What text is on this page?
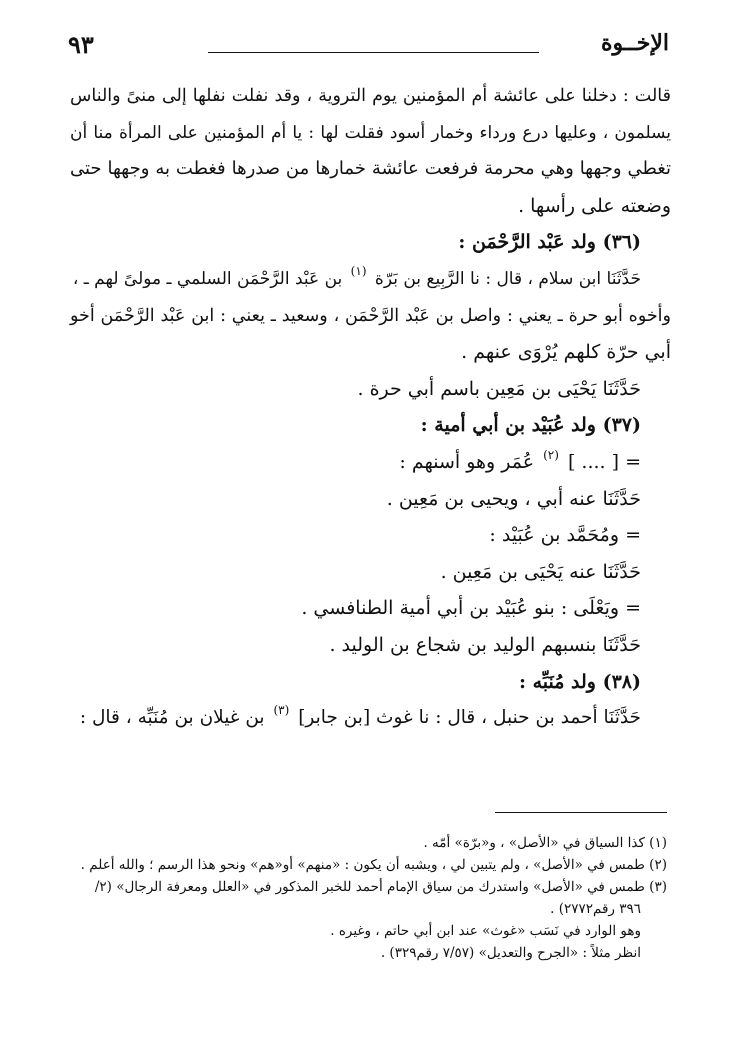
الإخــوة
٩٣
قالت : دخلنا على عائشة أم المؤمنين يوم التروية ، وقد نفلت نفلها إلى منىً والناس
يسلمون ، وعليها درع ورداء وخمار أسود فقلت لها : يا أم المؤمنين على المرأة منا أن
تغطي وجهها وهي محرمة فرفعت عائشة خمارها من صدرها فغطت به وجهها حتى
وضعته على رأسها .
(٣٦) ولد عَبْد الرَّحْمَن :
حَدَّثَنَا ابن سلام ، قال : نا الرَّبِيع بن بَرّة $^{(١)}$ بن عَبْد الرَّحْمَن السلمي ـ مولىً لهم ـ ،
وأخوه أبو حرة ـ يعني : واصل بن عَبْد الرَّحْمَن ، وسعيد ـ يعني : ابن عَبْد الرَّحْمَن أخو
أبي حرّة كلهم يُرْوَى عنهم .
حَدَّثَنَا يَحْيَى بن مَعِين باسم أبي حرة .
(٣٧) ولد عُبَيْد بن أبي أمية :
= [ .... ] $^{(٢)}$ عُمَر وهو أسنهم :
حَدَّثَنَا عنه أبي ، ويحيى بن مَعِين .
= ومُحَمَّد بن عُبَيْد :
حَدَّثَنَا عنه يَحْيَى بن مَعِين .
= ويَعْلَى : بنو عُبَيْد بن أبي أمية الطنافسي .
حَدَّثَنَا بنسبهم الوليد بن شجاع بن الوليد .
(٣٨) ولد مُنَبِّه :
حَدَّثَنَا أحمد بن حنبل ، قال : نا غوث [بن جابر] $^{(٣)}$ بن غيلان بن مُنَبِّه ، قال :
(١) كذا السياق في «الأصل» ، و«برّة» أمّه .
(٢) طمس في «الأصل» ، ولم يتبين لي ، ويشبه أن يكون : «منهم» أو«هم» ونحو هذا الرسم ؛ والله أعلم .
(٣) طمس في «الأصل» واستدرك من سياق الإمام أحمد للخبر المذكور في «العلل ومعرفة الرجال» (٢/
٣٩٦ رقم٢٧٧٢) .
وهو الوارد في نَسَب «غوث» عند ابن أبي حاتم ، وغيره .
انظر مثلاً : «الجرح والتعديل» (٧/٥٧ رقم٣٢٩) .
